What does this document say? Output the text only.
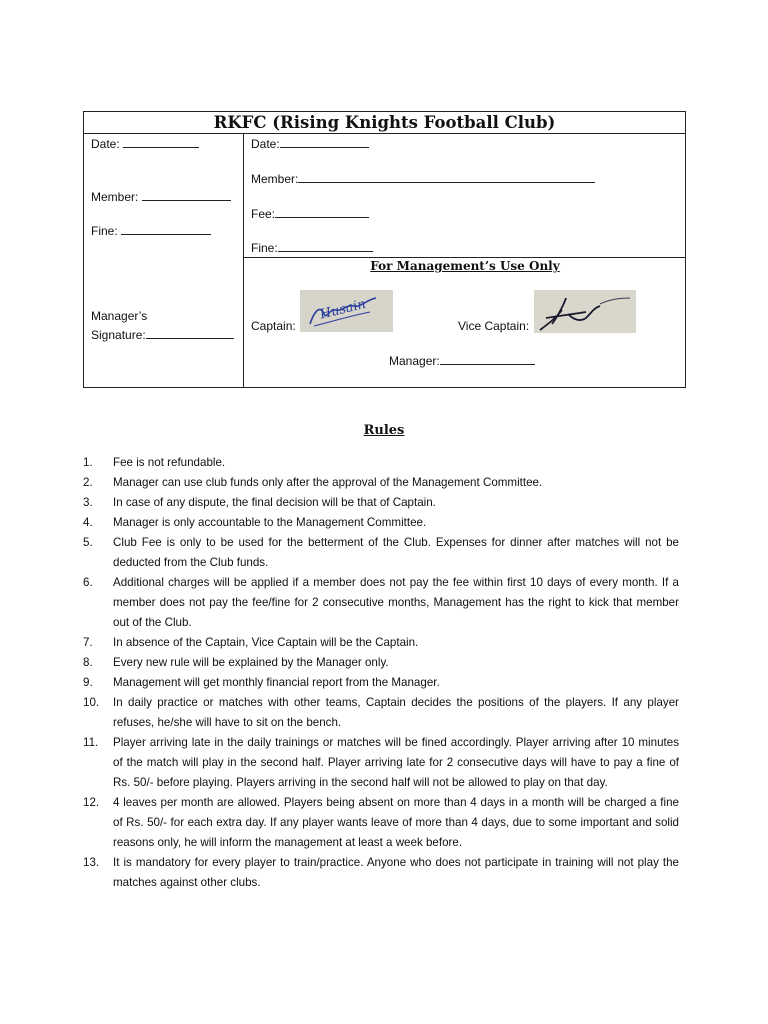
RKFC (Rising Knights Football Club)
Date:
Member:
Fine:
Manager’s
Signature:
Date:
Member:
Fee:
Fine:
For Management’s Use Only
Captain:
Husain
Vice Captain:
Manager:
Rules
1.	Fee is not refundable.
2.	Manager can use club funds only after the approval of the Management Committee.
3.	In case of any dispute, the final decision will be that of Captain.
4.	Manager is only accountable to the Management Committee.
5.	Club Fee is only to be used for the betterment of the Club. Expenses for dinner after matches will not be deducted from the Club funds.
6.	Additional charges will be applied if a member does not pay the fee within first 10 days of every month. If a member does not pay the fee/fine for 2 consecutive months, Management has the right to kick that member out of the Club.
7.	In absence of the Captain, Vice Captain will be the Captain.
8.	Every new rule will be explained by the Manager only.
9.	Management will get monthly financial report from the Manager.
10.	In daily practice or matches with other teams, Captain decides the positions of the players. If any player refuses, he/she will have to sit on the bench.
11.	Player arriving late in the daily trainings or matches will be fined accordingly. Player arriving after 10 minutes of the match will play in the second half. Player arriving late for 2 consecutive days will have to pay a fine of Rs. 50/- before playing. Players arriving in the second half will not be allowed to play on that day.
12.	4 leaves per month are allowed. Players being absent on more than 4 days in a month will be charged a fine of Rs. 50/- for each extra day. If any player wants leave of more than 4 days, due to some important and solid reasons only, he will inform the management at least a week before.
13.	It is mandatory for every player to train/practice. Anyone who does not participate in training will not play the matches against other clubs.
